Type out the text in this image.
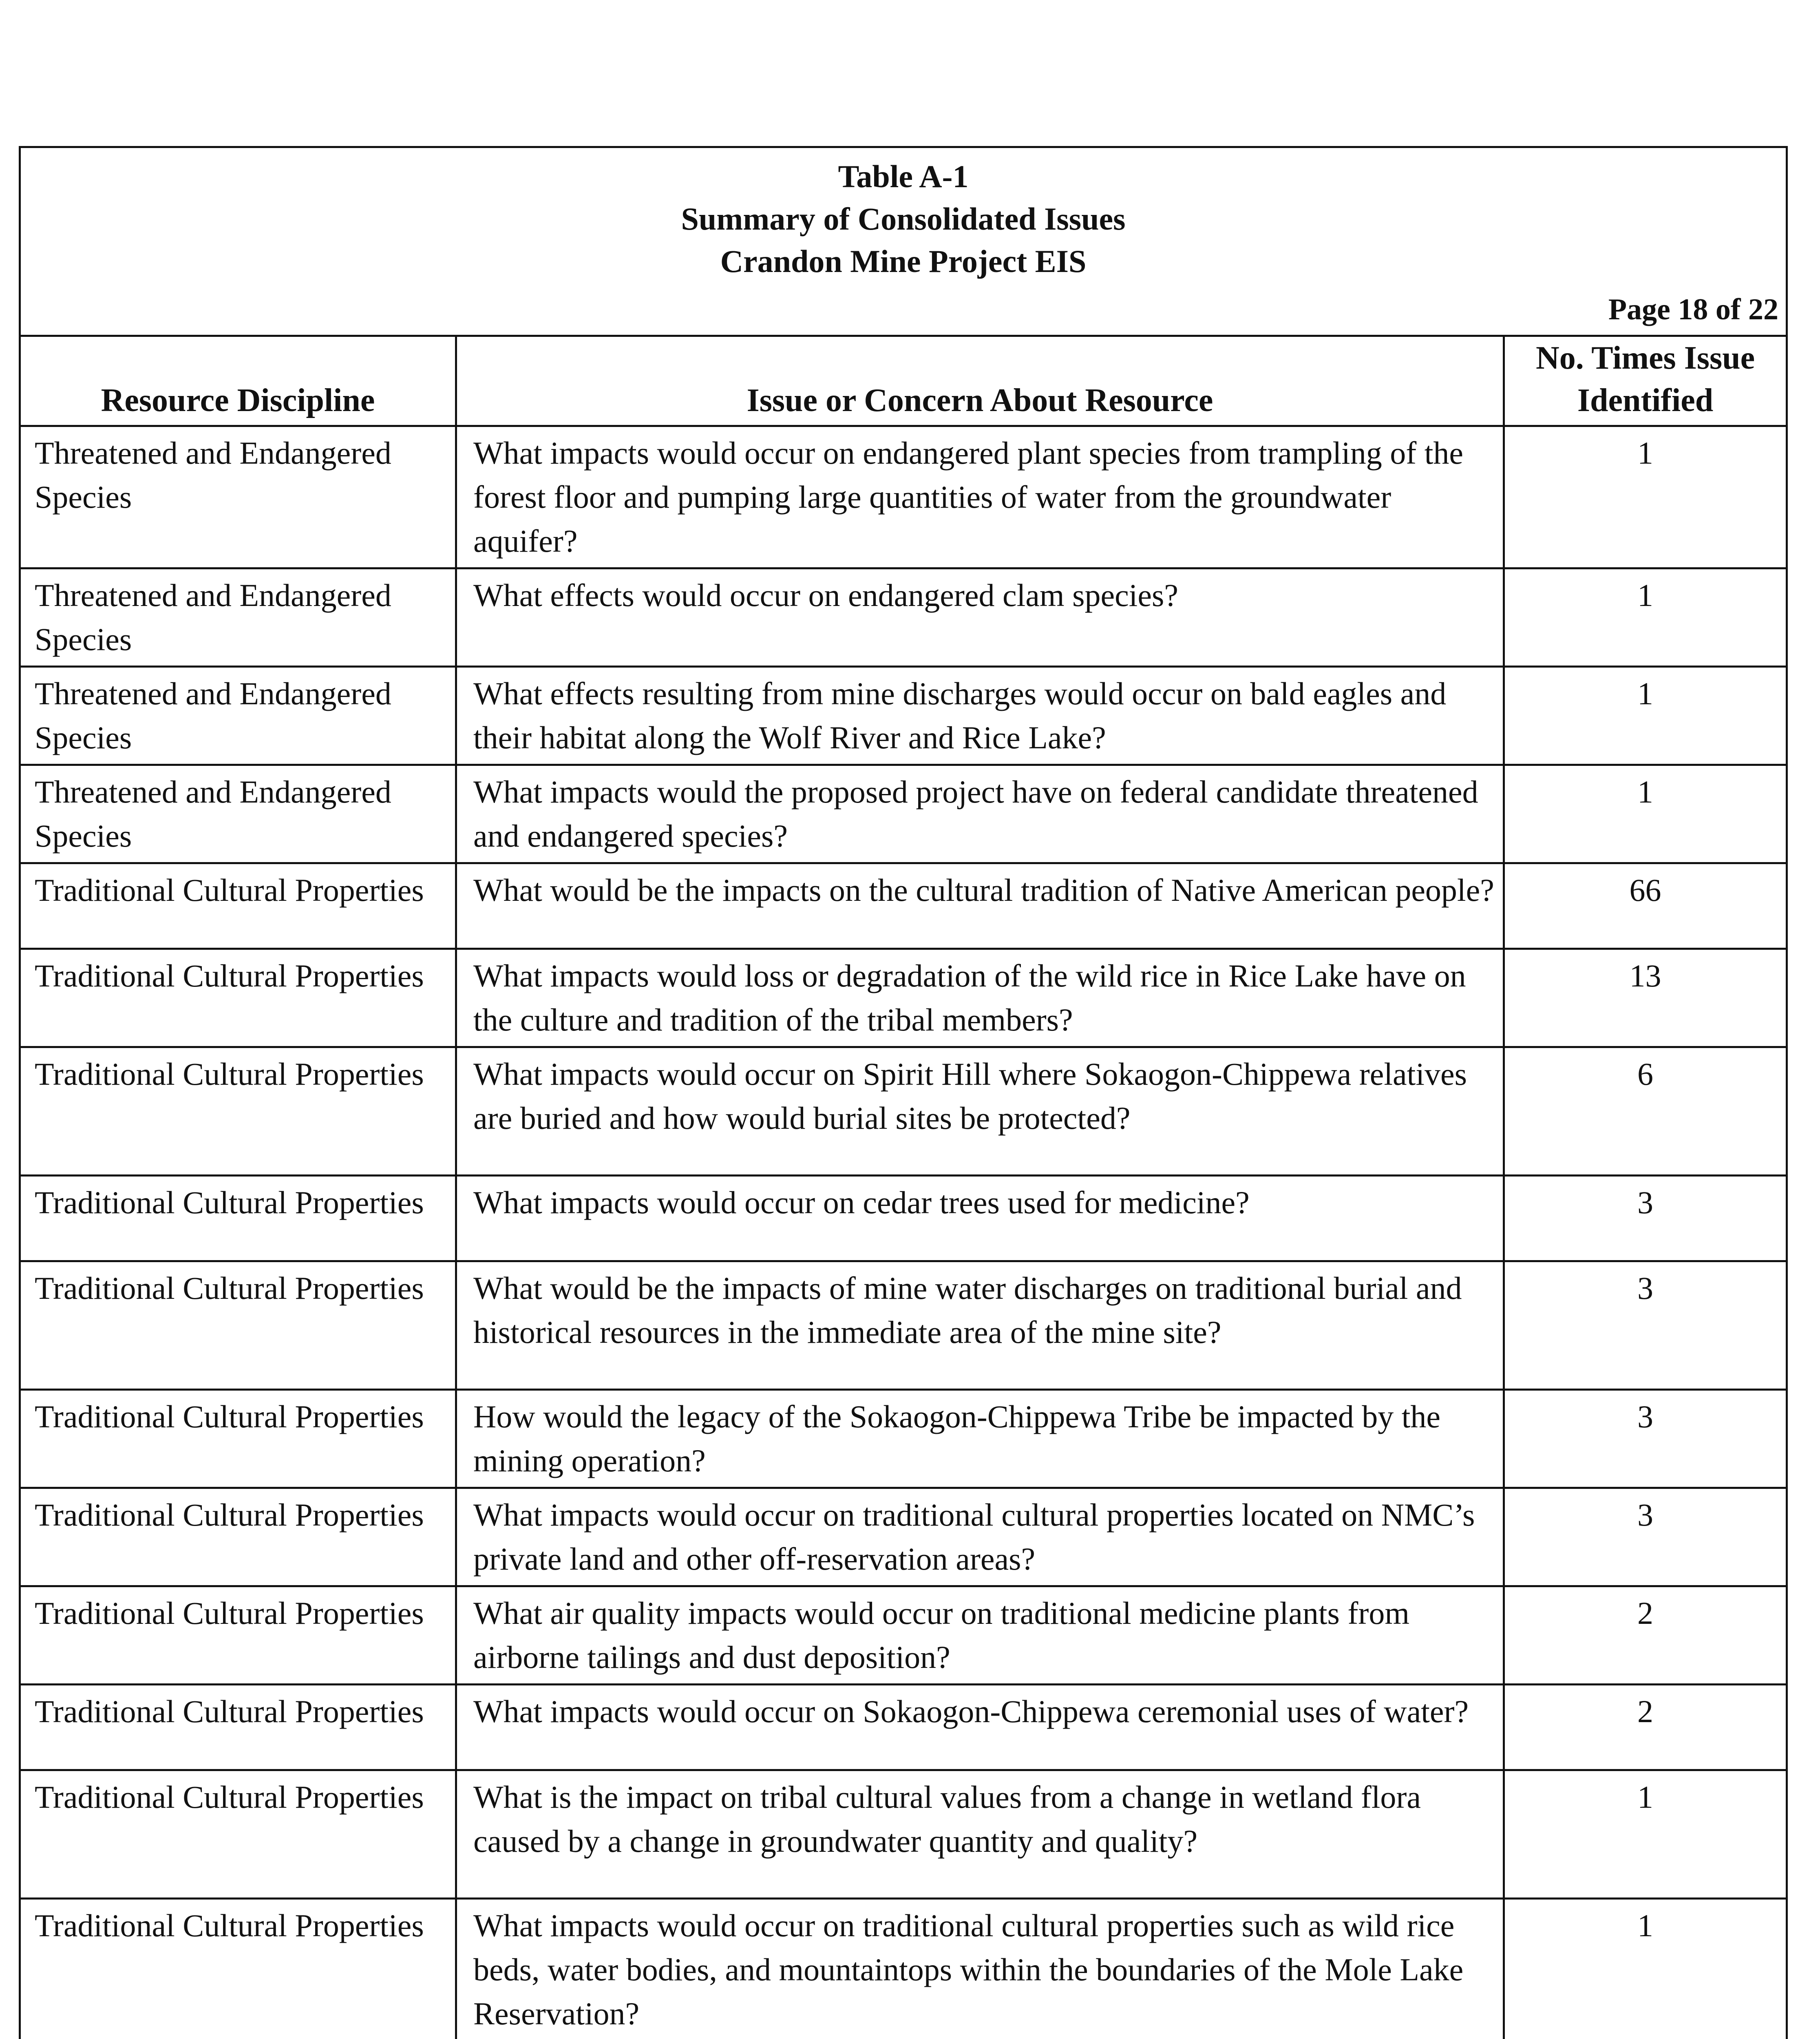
Table A-1
Summary of Consolidated Issues
Crandon Mine Project EIS
Page 18 of 22		

Resource Discipline	Issue or Concern About Resource	No. Times Issue Identified
Threatened and Endangered Species	What impacts would occur on endangered plant species from trampling of the forest floor and pumping large quantities of water from the groundwater aquifer?	1
Threatened and Endangered Species	What effects would occur on endangered clam species?	1
Threatened and Endangered Species	What effects resulting from mine discharges would occur on bald eagles and their habitat along the Wolf River and Rice Lake?	1
Threatened and Endangered Species	What impacts would the proposed project have on federal candidate threatened and endangered species?	1
Traditional Cultural Properties	What would be the impacts on the cultural tradition of Native American people?	66
Traditional Cultural Properties	What impacts would loss or degradation of the wild rice in Rice Lake have on the culture and tradition of the tribal members?	13
Traditional Cultural Properties	What impacts would occur on Spirit Hill where Sokaogon-Chippewa relatives are buried and how would burial sites be protected?	6
Traditional Cultural Properties	What impacts would occur on cedar trees used for medicine?	3
Traditional Cultural Properties	What would be the impacts of mine water discharges on traditional burial and historical resources in the immediate area of the mine site?	3
Traditional Cultural Properties	How would the legacy of the Sokaogon-Chippewa Tribe be impacted by the mining operation?	3
Traditional Cultural Properties	What impacts would occur on traditional cultural properties located on NMC’s private land and other off-reservation areas?	3
Traditional Cultural Properties	What air quality impacts would occur on traditional medicine plants from airborne tailings and dust deposition?	2
Traditional Cultural Properties	What impacts would occur on Sokaogon-Chippewa ceremonial uses of water?	2
Traditional Cultural Properties	What is the impact on tribal cultural values from a change in wetland flora caused by a change in groundwater quantity and quality?	1
Traditional Cultural Properties	What impacts would occur on traditional cultural properties such as wild rice beds, water bodies, and mountaintops within the boundaries of the Mole Lake Reservation?	1
